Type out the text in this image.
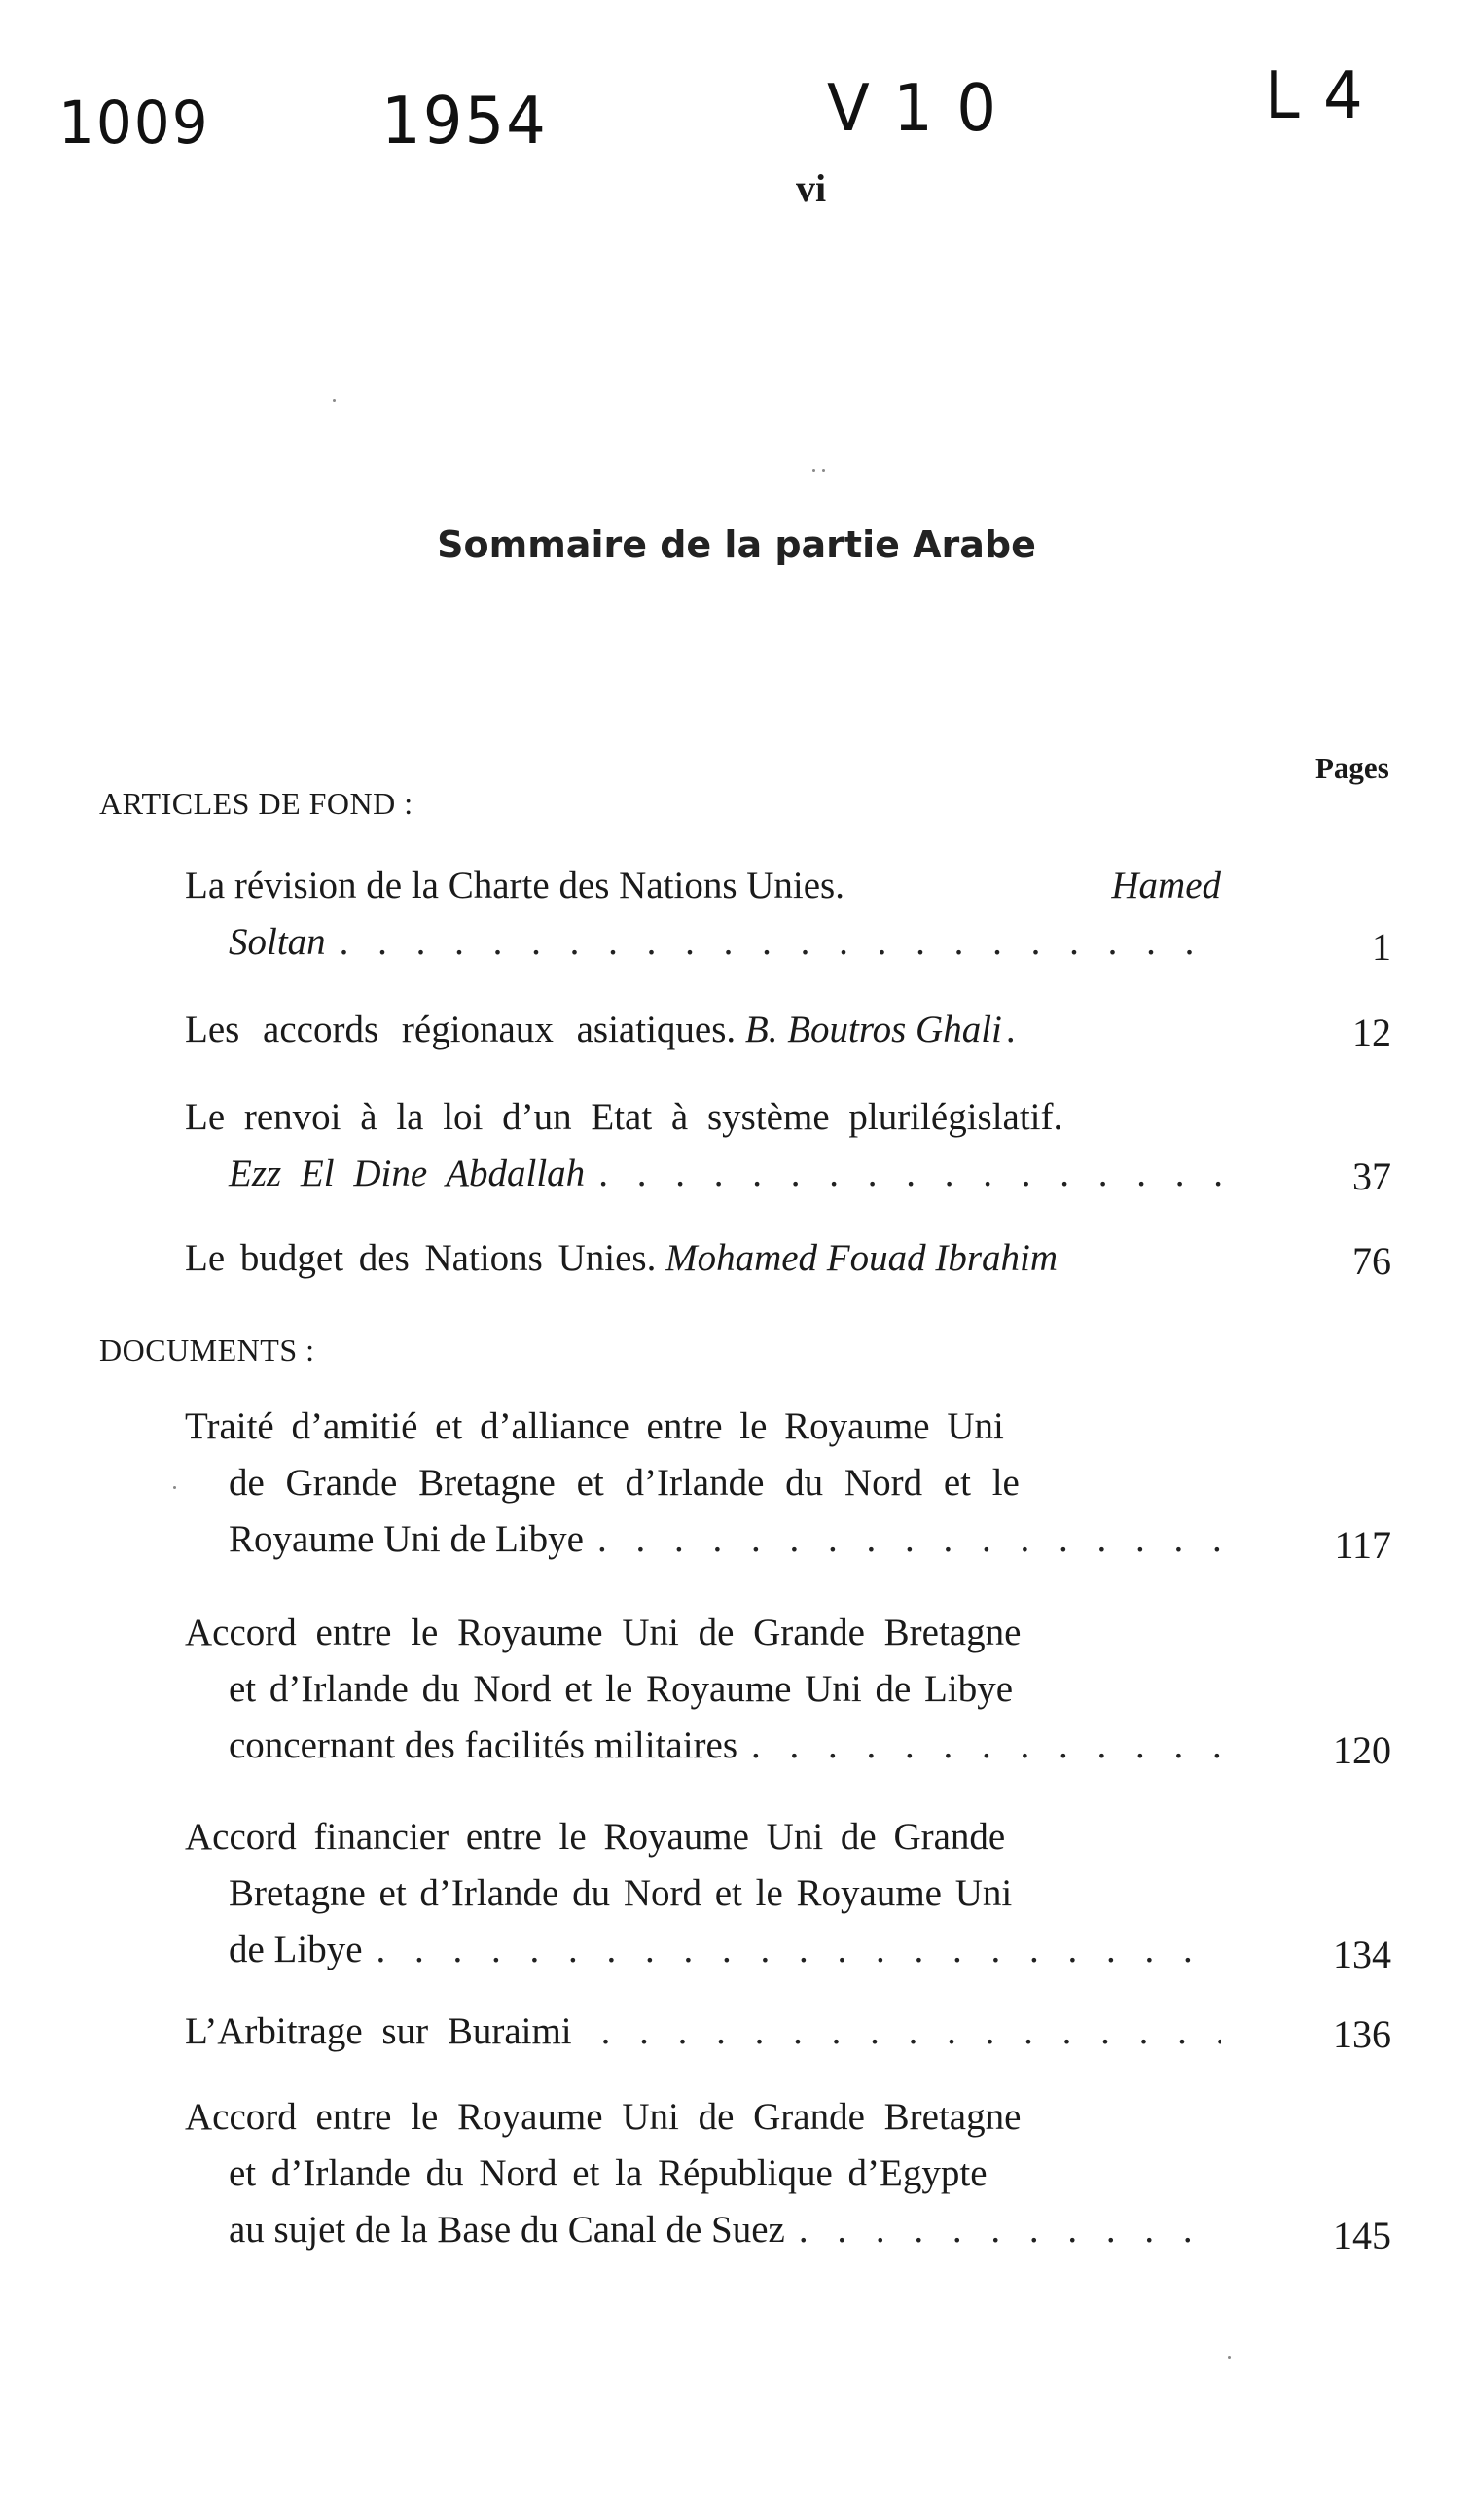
1009	1954	V 1 0	L 4
vi
Sommaire de la partie Arabe
Pages
ARTICLES DE FOND :
La révision de la Charte des Nations Unies.	Hamed
Soltan . . .	1
Les accords régionaux asiatiques.
B. Boutros Ghali . . .	12
Le renvoi à la loi d’un Etat à système plurilégislatif.
Ezz El Dine Abdallah . . .	37
Le budget des Nations Unies.
Mohamed Fouad Ibrahim	76
DOCUMENTS :
Traité d’amitié et d’alliance entre le Royaume Uni
de Grande Bretagne et d’Irlande du Nord et le
Royaume Uni de Libye . . .	117
Accord entre le Royaume Uni de Grande Bretagne
et d’Irlande du Nord et le Royaume Uni de Libye
concernant des facilités militaires . . .	120
Accord financier entre le Royaume Uni de Grande
Bretagne et d’Irlande du Nord et le Royaume Uni
de Libye . . .	134
L’Arbitrage sur Buraimi . . .	136
Accord entre le Royaume Uni de Grande Bretagne
et d’Irlande du Nord et la République d’Egypte
au sujet de la Base du Canal de Suez . . .	145
